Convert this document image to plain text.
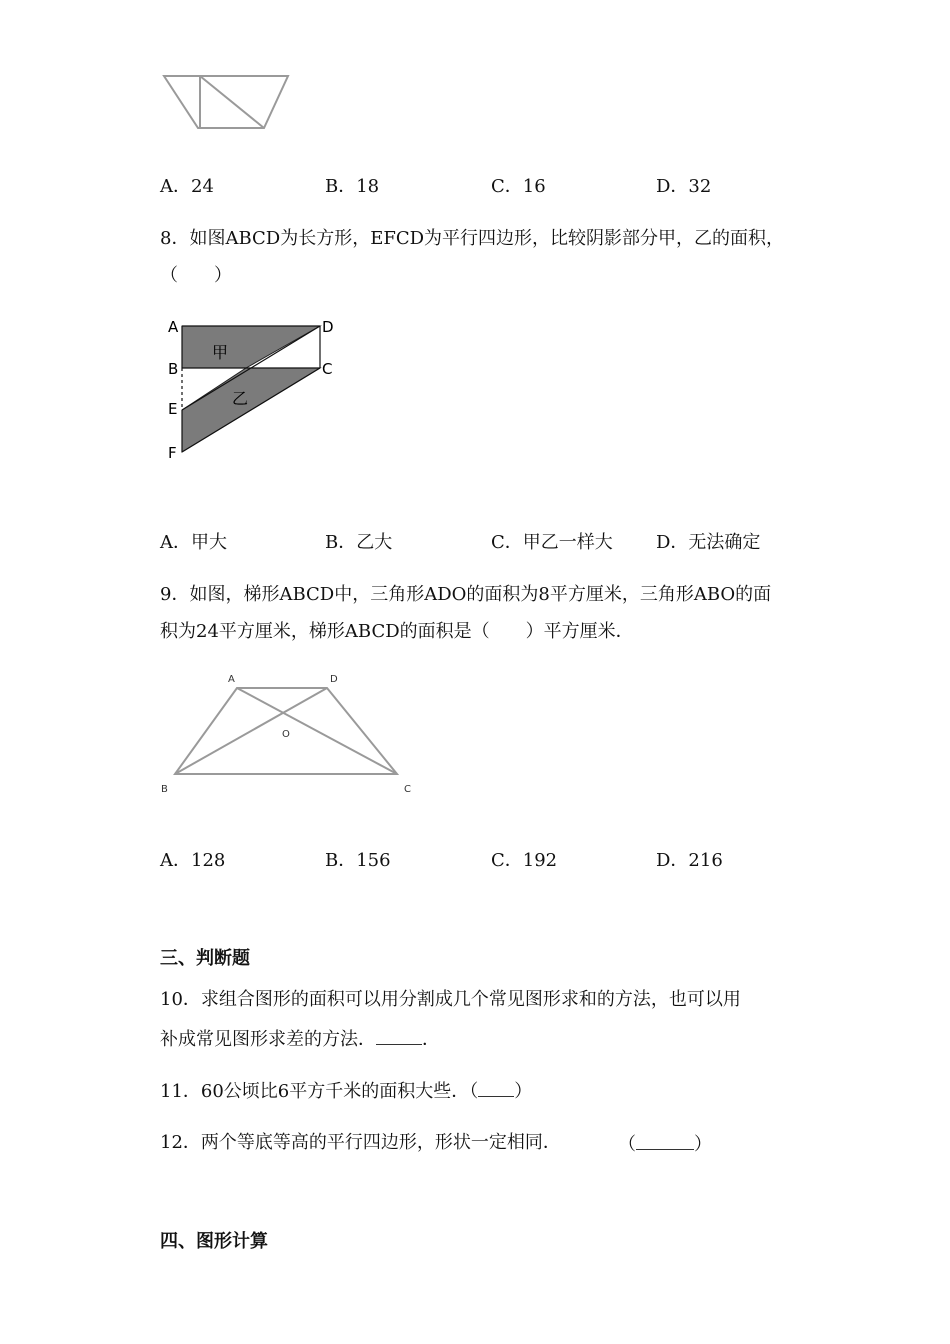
A．24	B．18	C．16	D．32
8．如图ABCD为长方形，EFCD为平行四边形，比较阴影部分甲，乙的面积，
（　　）
A
B
E
F
D
C
甲
乙
A．甲大	B．乙大	C．甲乙一样大 D．无法确定
9．如图，梯形ABCD中，三角形ADO的面积为8平方厘米，三角形ABO的面
积为24平方厘米，梯形ABCD的面积是（　　）平方厘米．
A	D
O
B	C
A．128	B．156	C．192	D．216
三、判断题
10．求组合图形的面积可以用分割成几个常见图形求和的方法，也可以用
补成常见图形求差的方法．	．
11．60公顷比6平方千米的面积大些．（ ）
12．两个等底等高的平行四边形，形状一定相同．	（	）
四、图形计算
